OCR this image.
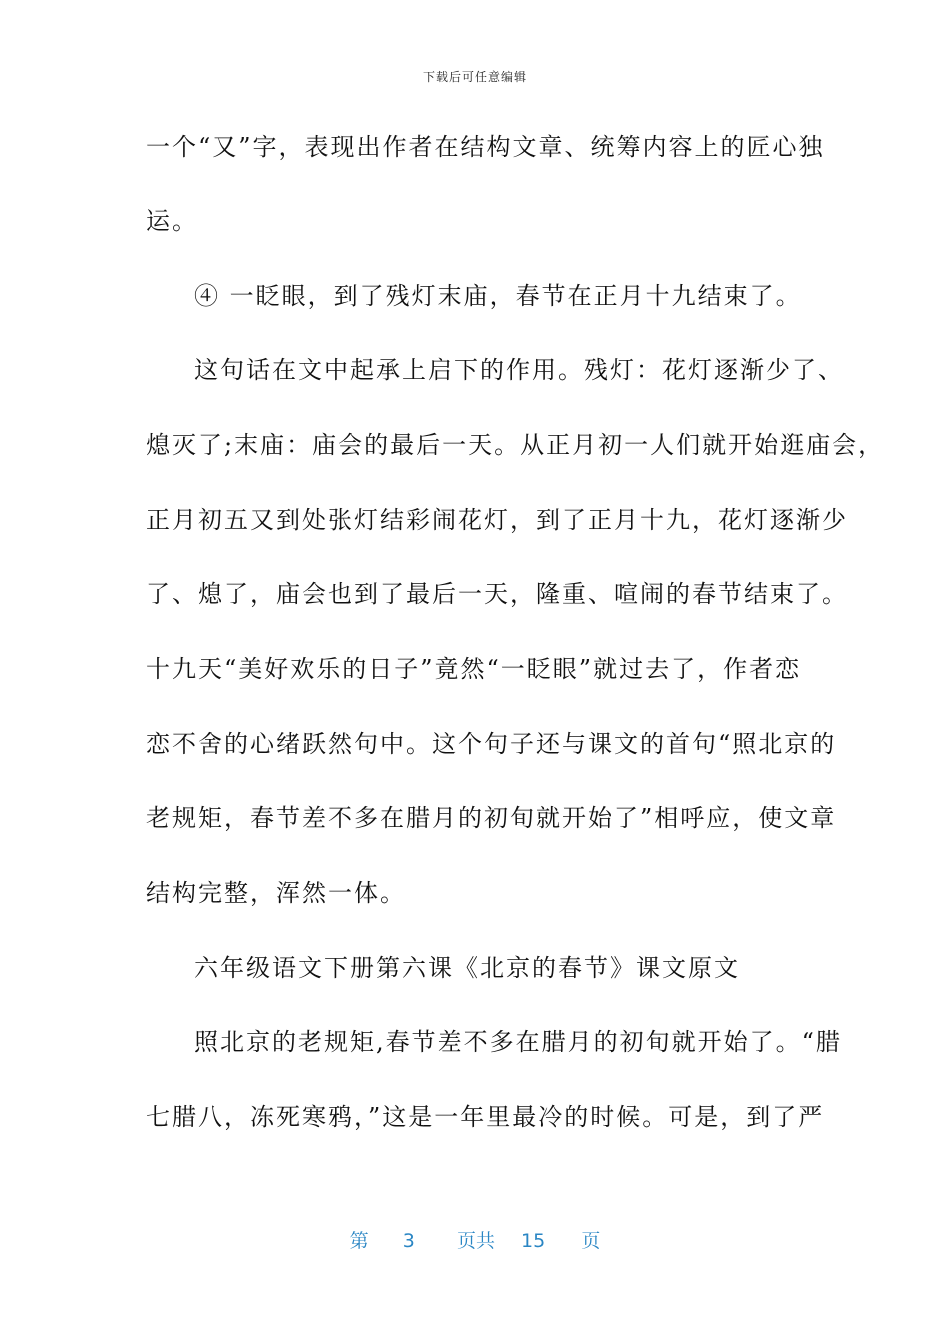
下载后可任意编辑
一个“又”字，表现出作者在结构文章、统筹内容上的匠心独
运。
④ 一眨眼，到了残灯末庙，春节在正月十九结束了。
这句话在文中起承上启下的作用。残灯：花灯逐渐少了、
熄灭了;末庙：庙会的最后一天。从正月初一人们就开始逛庙会，
正月初五又到处张灯结彩闹花灯，到了正月十九，花灯逐渐少
了、熄了，庙会也到了最后一天，隆重、喧闹的春节结束了。
十九天“美好欢乐的日子”竟然“一眨眼”就过去了，作者恋
恋不舍的心绪跃然句中。这个句子还与课文的首句“照北京的
老规矩，春节差不多在腊月的初旬就开始了”相呼应，使文章
结构完整，浑然一体。
六年级语文下册第六课《北京的春节》课文原文
照北京的老规矩,春节差不多在腊月的初旬就开始了。“腊
七腊八，冻死寒鸦，”这是一年里最冷的时候。可是，到了严
第 3 页共 15 页
